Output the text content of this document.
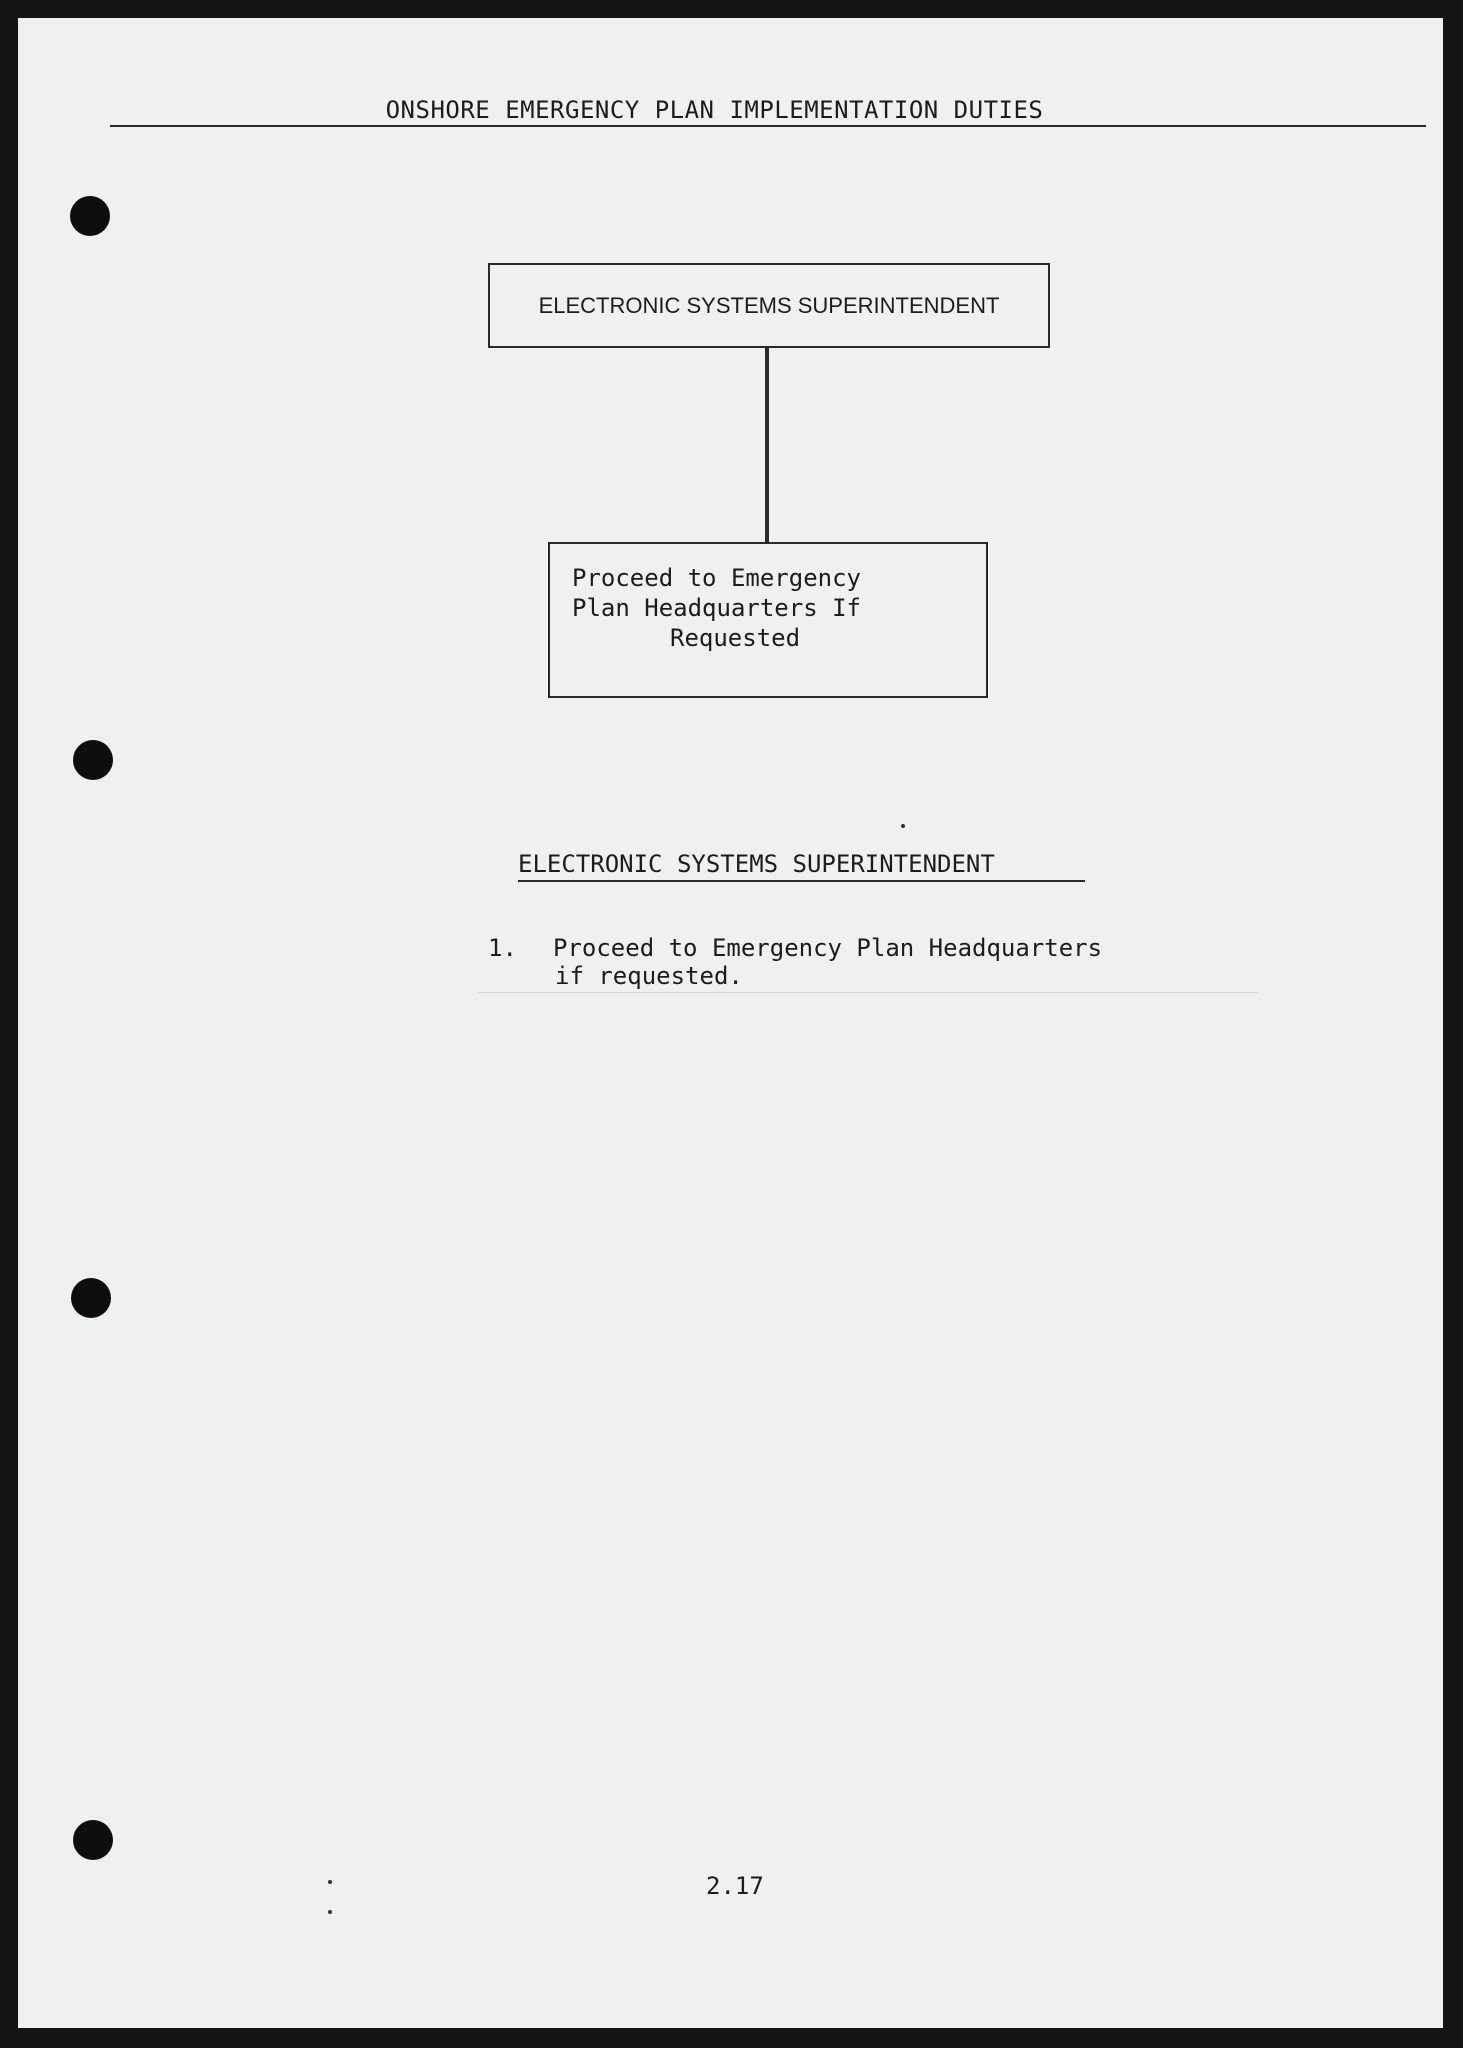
ONSHORE EMERGENCY PLAN IMPLEMENTATION DUTIES
ELECTRONIC SYSTEMS SUPERINTENDENT
Proceed to Emergency
Plan Headquarters If
Requested
ELECTRONIC SYSTEMS SUPERINTENDENT
1. Proceed to Emergency Plan Headquarters
if requested.
2.17
